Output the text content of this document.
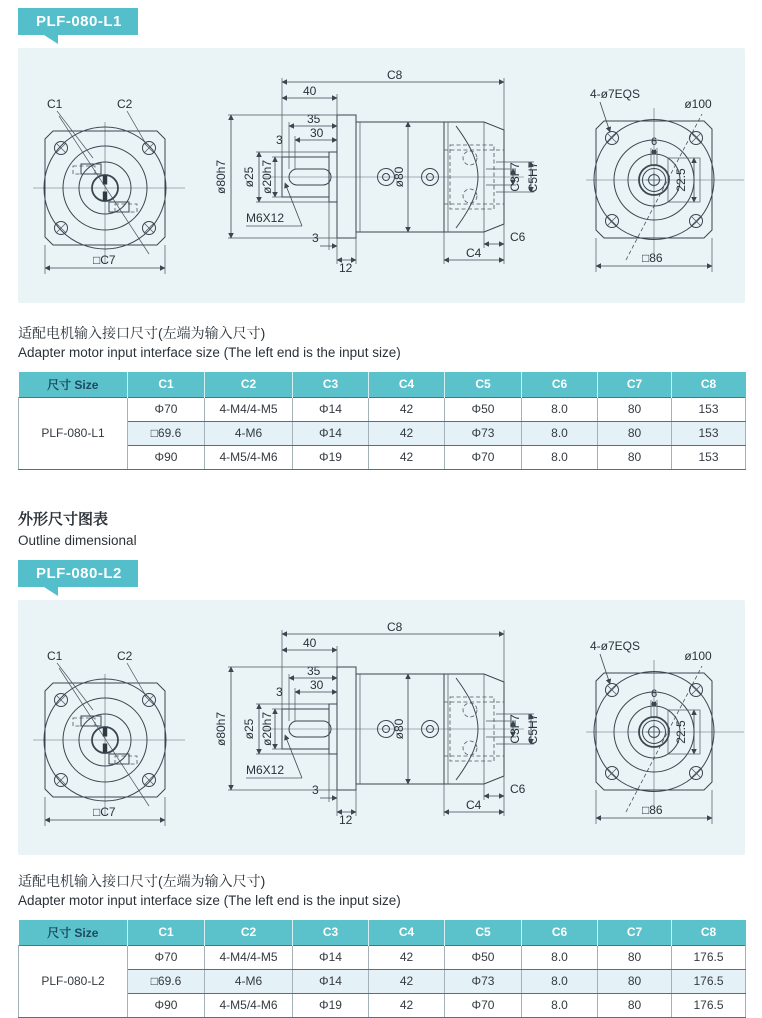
PLF-080-L1
C1	C2
□C7
C8
40
35
3 30
ø80h7 ø25 ø20h7
M6X12
ø80	C3F7 C5H7
3
12
C4
C6
4-ø7EQS
ø100
6
22.5
□86
适配电机输入接口尺寸(左端为输入尺寸)
Adapter motor input interface size (The left end is the input size)
尺寸 Size	C1	C2	C3	C4	C5	C6	C7	C8
PLF-080-L1	Φ70	4-M4/4-M5	Φ14	42	Φ50	8.0	80	153
	□69.6	4-M6	Φ14	42	Φ73	8.0	80	153
	Φ90	4-M5/4-M6	Φ19	42	Φ70	8.0	80	153
外形尺寸图表
Outline dimensional
PLF-080-L2
C1	C2
□C7
C8
40
35
3 30
ø80h7 ø25 ø20h7
M6X12
ø80	C3F7 C5H7
3
12
C4
C6
4-ø7EQS
ø100
6
22.5
□86
适配电机输入接口尺寸(左端为输入尺寸)
Adapter motor input interface size (The left end is the input size)
尺寸 Size	C1	C2	C3	C4	C5	C6	C7	C8
PLF-080-L2	Φ70	4-M4/4-M5	Φ14	42	Φ50	8.0	80	176.5
	□69.6	4-M6	Φ14	42	Φ73	8.0	80	176.5
	Φ90	4-M5/4-M6	Φ19	42	Φ70	8.0	80	176.5
